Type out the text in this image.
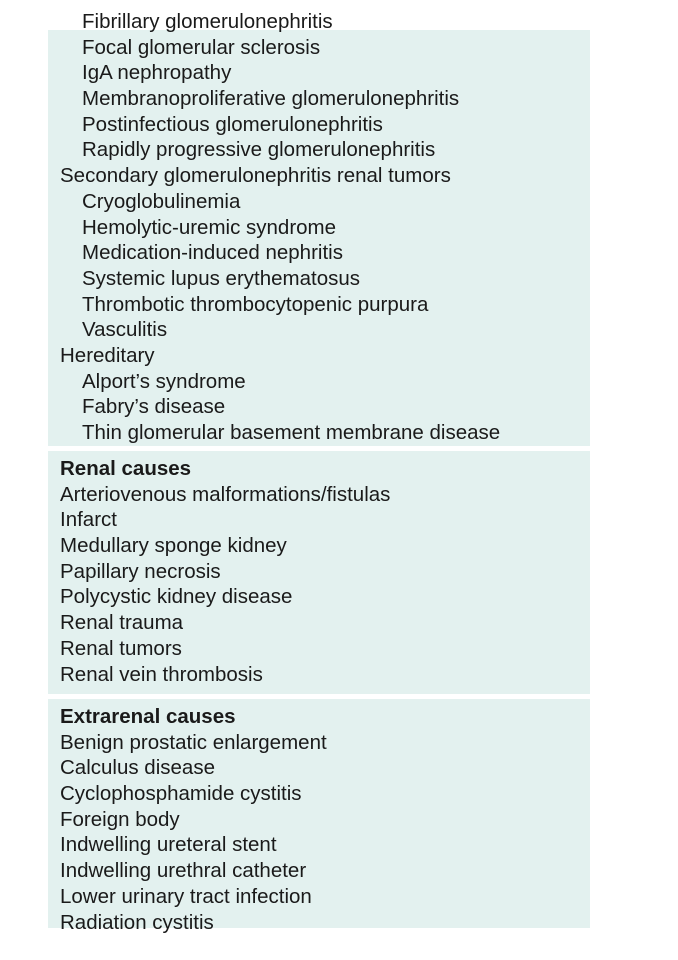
Fibrillary glomerulonephritis
Focal glomerular sclerosis
IgA nephropathy
Membranoproliferative glomerulonephritis
Postinfectious glomerulonephritis
Rapidly progressive glomerulonephritis
Secondary glomerulonephritis renal tumors
Cryoglobulinemia
Hemolytic-uremic syndrome
Medication-induced nephritis
Systemic lupus erythematosus
Thrombotic thrombocytopenic purpura
Vasculitis
Hereditary
Alport’s syndrome
Fabry’s disease
Thin glomerular basement membrane disease
Renal causes
Arteriovenous malformations/fistulas
Infarct
Medullary sponge kidney
Papillary necrosis
Polycystic kidney disease
Renal trauma
Renal tumors
Renal vein thrombosis
Extrarenal causes
Benign prostatic enlargement
Calculus disease
Cyclophosphamide cystitis
Foreign body
Indwelling ureteral stent
Indwelling urethral catheter
Lower urinary tract infection
Radiation cystitis
